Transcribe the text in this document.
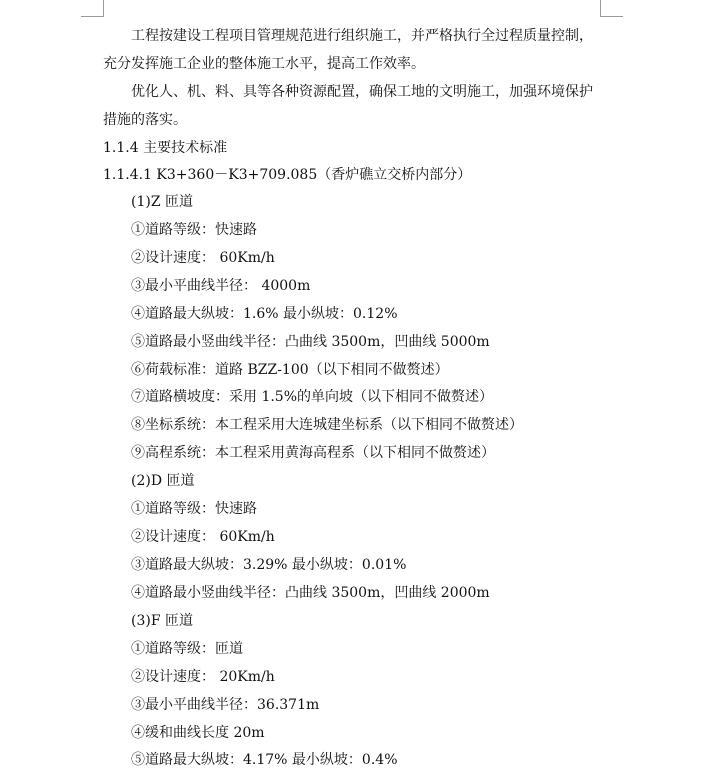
工程按建设工程项目管理规范进行组织施工，并严格执行全过程质量控制，
充分发挥施工企业的整体施工水平，提高工作效率。
优化人、机、料、具等各种资源配置，确保工地的文明施工，加强环境保护
措施的落实。
1.1.4 主要技术标准
1.1.4.1 K3+360－K3+709.085（香炉礁立交桥内部分）
(1)Z 匝道
①道路等级：快速路
②设计速度： 60Km/h
③最小平曲线半径： 4000m
④道路最大纵坡：1.6% 最小纵坡：0.12%
⑤道路最小竖曲线半径：凸曲线 3500m，凹曲线 5000m
⑥荷载标准：道路 BZZ-100（以下相同不做赘述）
⑦道路横坡度：采用 1.5%的单向坡（以下相同不做赘述）
⑧坐标系统：本工程采用大连城建坐标系（以下相同不做赘述）
⑨高程系统：本工程采用黄海高程系（以下相同不做赘述）
(2)D 匝道
①道路等级：快速路
②设计速度： 60Km/h
③道路最大纵坡：3.29% 最小纵坡：0.01%
④道路最小竖曲线半径：凸曲线 3500m，凹曲线 2000m
(3)F 匝道
①道路等级：匝道
②设计速度： 20Km/h
③最小平曲线半径：36.371m
④缓和曲线长度 20m
⑤道路最大纵坡：4.17% 最小纵坡：0.4%
